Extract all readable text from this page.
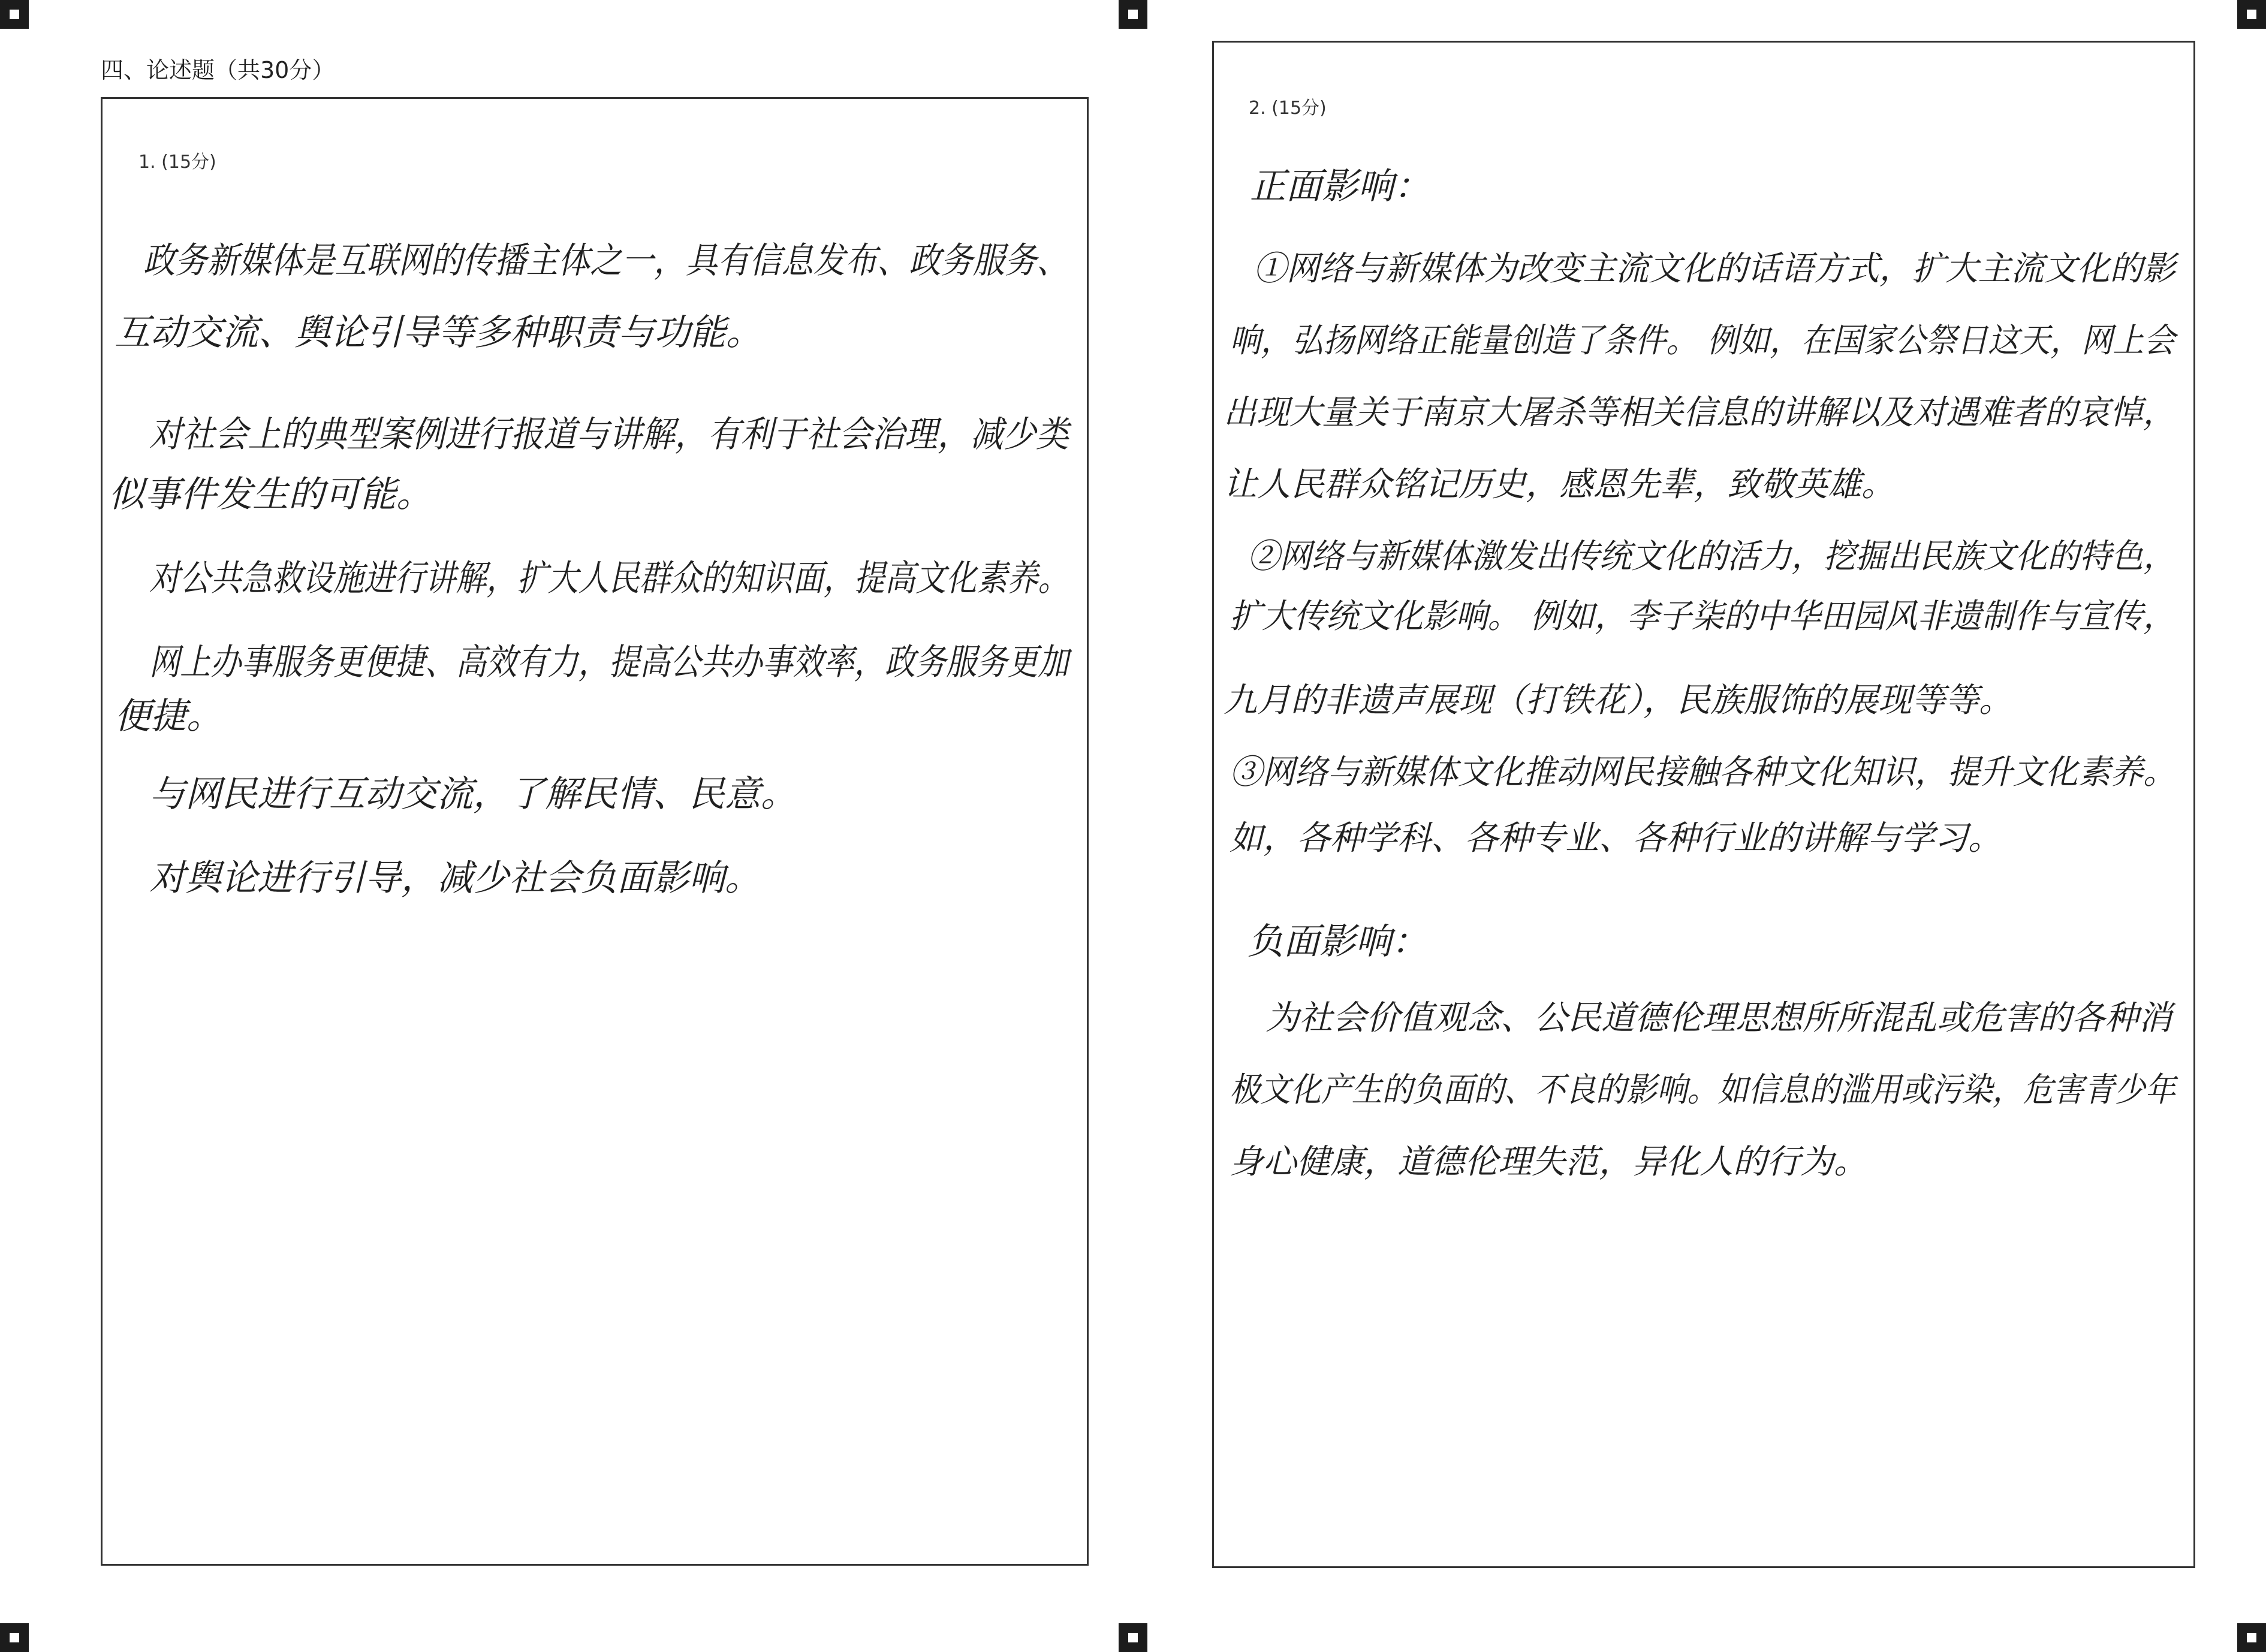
四、论述题（共30分）
1. (15分)
政务新媒体是互联网的传播主体之一，具有信息发布、政务服务、
互动交流、舆论引导等多种职责与功能。
对社会上的典型案例进行报道与讲解，有利于社会治理，减少类
似事件发生的可能。
对公共急救设施进行讲解，扩大人民群众的知识面，提高文化素养。
网上办事服务更便捷、高效有力，提高公共办事效率，政务服务更加
便捷。
与网民进行互动交流，了解民情、民意。
对舆论进行引导，减少社会负面影响。
2. (15分)
正面影响：
①网络与新媒体为改变主流文化的话语方式，扩大主流文化的影
响，弘扬网络正能量创造了条件。 例如，在国家公祭日这天，网上会
出现大量关于南京大屠杀等相关信息的讲解以及对遇难者的哀悼，
让人民群众铭记历史，感恩先辈，致敬英雄。
②网络与新媒体激发出传统文化的活力，挖掘出民族文化的特色，
扩大传统文化影响。 例如，李子柒的中华田园风非遗制作与宣传，
九月的非遗声展现（打铁花），民族服饰的展现等等。
③网络与新媒体文化推动网民接触各种文化知识，提升文化素养。
如，各种学科、各种专业、各种行业的讲解与学习。
负面影响：
为社会价值观念、公民道德伦理思想所所混乱或危害的各种消
极文化产生的负面的、不良的影响。如信息的滥用或污染，危害青少年
身心健康，道德伦理失范，异化人的行为。
